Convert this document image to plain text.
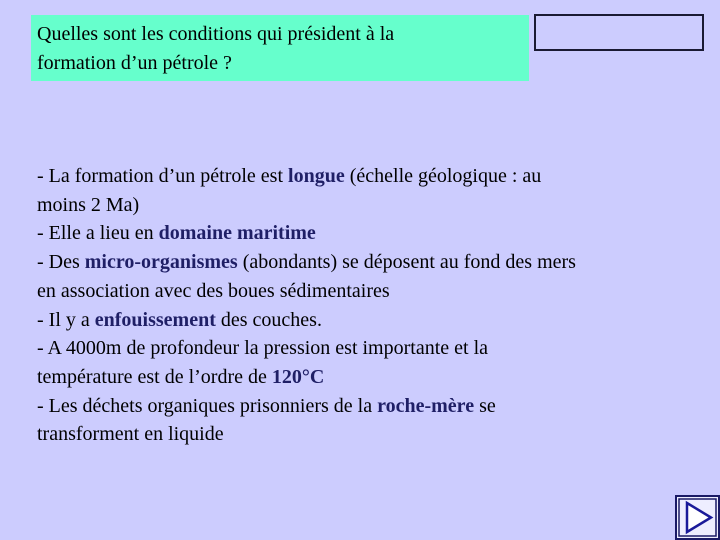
Quelles sont les conditions qui président à la
formation d’un pétrole ?
- La formation d’un pétrole est longue (échelle géologique : au
moins 2 Ma)
- Elle a lieu en domaine maritime
- Des micro-organismes (abondants) se déposent au fond des mers
en association avec des boues sédimentaires
- Il y a enfouissement des couches.
- A 4000m de profondeur la pression est importante et la
température est de l’ordre de 120°C
- Les déchets organiques prisonniers de la roche-mère se
transforment en liquide
